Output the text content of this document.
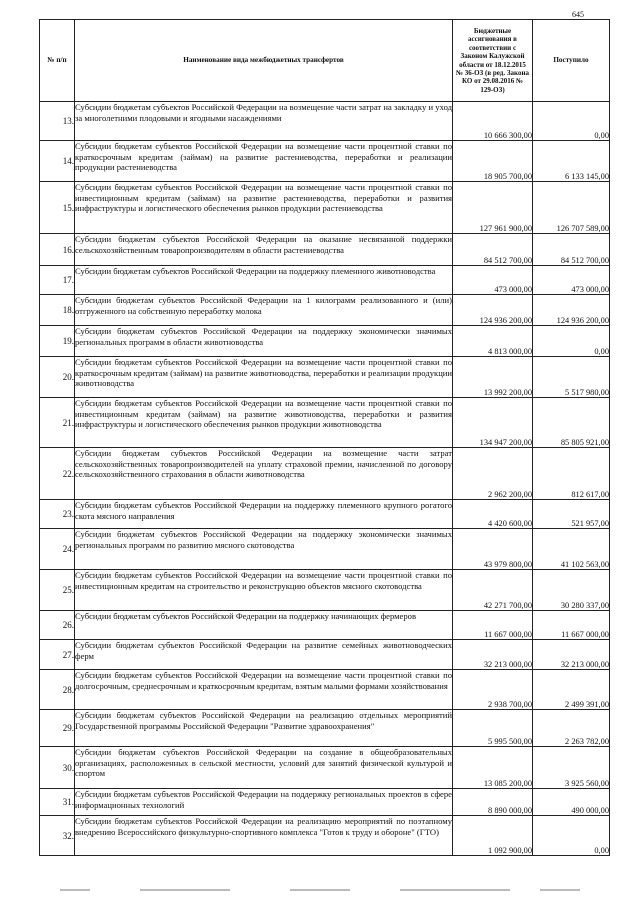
645
№ п/п	Наименование вида межбюджетных трансфертов	Бюджетные ассигнования в соответствии с Законом Калужской области от 18.12.2015 № 36-ОЗ (в ред. Закона КО от 29.08.2016 № 129-ОЗ)	Поступило
13.	Субсидии бюджетам субъектов Российской Федерации на возмещение части затрат на закладку и уход за многолетними плодовыми и ягодными насаждениями	10 666 300,00	0,00
14.	Субсидии бюджетам субъектов Российской Федерации на возмещение части процентной ставки по краткосрочным кредитам (займам) на развитие растениеводства, переработки и реализации продукции растениеводства	18 905 700,00	6 133 145,00
15.	Субсидии бюджетам субъектов Российской Федерации на возмещение части процентной ставки по инвестиционным кредитам (займам) на развитие растениеводства, переработки и развития инфраструктуры и логистического обеспечения рынков продукции растениеводства	127 961 900,00	126 707 589,00
16.	Субсидии бюджетам субъектов Российской Федерации на оказание несвязанной поддержки сельскохозяйственным товаропроизводителям в области растениеводства	84 512 700,00	84 512 700,00
17.	Субсидии бюджетам субъектов Российской Федерации на поддержку племенного животноводства	473 000,00	473 000,00
18.	Субсидии бюджетам субъектов Российской Федерации на 1 килограмм реализованного и (или) отгруженного на собственную переработку молока	124 936 200,00	124 936 200,00
19.	Субсидии бюджетам субъектов Российской Федерации на поддержку экономически значимых региональных программ в области животноводства	4 813 000,00	0,00
20.	Субсидии бюджетам субъектов Российской Федерации на возмещение части процентной ставки по краткосрочным кредитам (займам) на развитие животноводства, переработки и реализации продукции животноводства	13 992 200,00	5 517 980,00
21.	Субсидии бюджетам субъектов Российской Федерации на возмещение части процентной ставки по инвестиционным кредитам (займам) на развитие животноводства, переработки и развития инфраструктуры и логистического обеспечения рынков продукции животноводства	134 947 200,00	85 805 921,00
22.	Субсидии бюджетам субъектов Российской Федерации на возмещение части затрат сельскохозяйственных товаропроизводителей на уплату страховой премии, начисленной по договору сельскохозяйственного страхования в области животноводства	2 962 200,00	812 617,00
23.	Субсидии бюджетам субъектов Российской Федерации на поддержку племенного крупного рогатого скота мясного направления	4 420 600,00	521 957,00
24.	Субсидии бюджетам субъектов Российской Федерации на поддержку экономически значимых региональных программ по развитию мясного скотоводства	43 979 800,00	41 102 563,00
25.	Субсидии бюджетам субъектов Российской Федерации на возмещение части процентной ставки по инвестиционным кредитам на строительство и реконструкцию объектов мясного скотоводства	42 271 700,00	30 280 337,00
26.	Субсидии бюджетам субъектов Российской Федерации на поддержку начинающих фермеров	11 667 000,00	11 667 000,00
27.	Субсидии бюджетам субъектов Российской Федерации на развитие семейных животноводческих ферм	32 213 000,00	32 213 000,00
28.	Субсидии бюджетам субъектов Российской Федерации на возмещение части процентной ставки по долгосрочным, среднесрочным и краткосрочным кредитам, взятым малыми формами хозяйствования	2 938 700,00	2 499 391,00
29.	Субсидии бюджетам субъектов Российской Федерации на реализацию отдельных мероприятий Государственной программы Российской Федерации "Развитие здравоохранения"	5 995 500,00	2 263 782,00
30.	Субсидии бюджетам субъектов Российской Федерации на создание в общеобразовательных организациях, расположенных в сельской местности, условий для занятий физической культурой и спортом	13 085 200,00	3 925 560,00
31.	Субсидии бюджетам субъектов Российской Федерации на поддержку региональных проектов в сфере информационных технологий	8 890 000,00	490 000,00
32.	Субсидии бюджетам субъектов Российской Федерации на реализацию мероприятий по поэтапному внедрению Всероссийского физкультурно-спортивного комплекса "Готов к труду и обороне" (ГТО)	1 092 900,00	0,00
